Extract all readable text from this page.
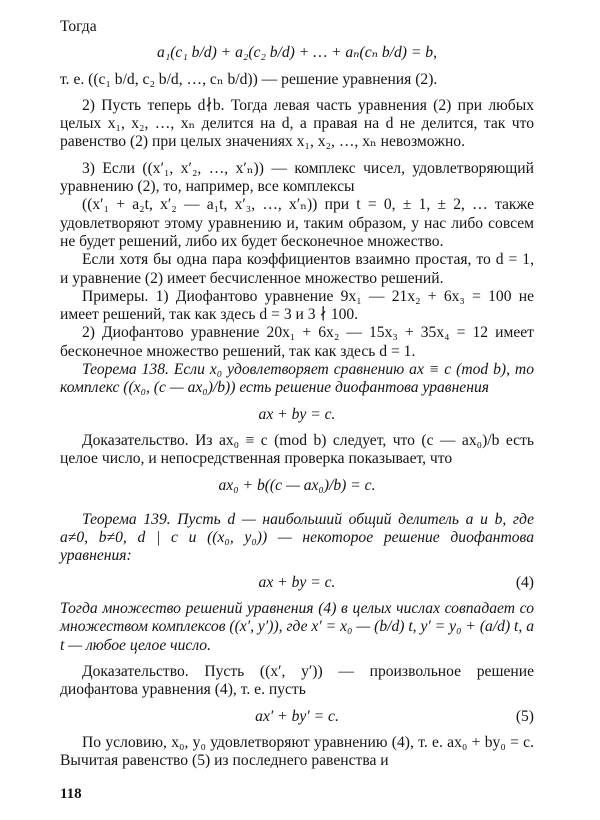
Тогда

a₁(c₁ b/d) + a₂(c₂ b/d) + … + aₙ(cₙ b/d) = b,

т. е. ((c₁ b/d, c₂ b/d, …, cₙ b/d)) — решение уравнения (2).

2) Пусть теперь d∤b. Тогда левая часть уравнения (2) при любых целых x₁, x₂, …, xₙ делится на d, а правая на d не делится, так что равенство (2) при целых значениях x₁, x₂, …, xₙ невозможно.

3) Если ((x′₁, x′₂, …, x′ₙ)) — комплекс чисел, удовлетворяющий уравнению (2), то, например, все комплексы

((x′₁ + a₂t, x′₂ — a₁t, x′₃, …, x′ₙ)) при t = 0, ± 1, ± 2, … также удовлетворяют этому уравнению и, таким образом, у нас либо совсем не будет решений, либо их будет бесконечное множество.

Если хотя бы одна пара коэффициентов взаимно простая, то d = 1, и уравнение (2) имеет бесчисленное множество решений.

Примеры. 1) Диофантово уравнение 9x₁ — 21x₂ + 6x₃ = 100 не имеет решений, так как здесь d = 3 и 3 ∤ 100.

2) Диофантово уравнение 20x₁ + 6x₂ — 15x₃ + 35x₄ = 12 имеет бесконечное множество решений, так как здесь d = 1.

Теорема 138. Если x₀ удовлетворяет сравнению ax ≡ c (mod b), то комплекс ((x₀, (c — ax₀)/b)) есть решение диофантова уравнения

ax + by = c.

Доказательство. Из ax₀ ≡ c (mod b) следует, что (c — ax₀)/b есть целое число, и непосредственная проверка показывает, что

ax₀ + b((c — ax₀)/b) = c.

Теорема 139. Пусть d — наибольший общий делитель a и b, где a≠0, b≠0, d | c и ((x₀, y₀)) — некоторое решение диофантова уравнения:

ax + by = c.	(4)

Тогда множество решений уравнения (4) в целых числах совпадает со множеством комплексов ((x′, y′)), где x′ = x₀ — (b/d) t, y′ = y₀ + (a/d) t, a t — любое целое число.

Доказательство. Пусть ((x′, y′)) — произвольное решение диофантова уравнения (4), т. е. пусть

ax′ + by′ = c.	(5)

По условию, x₀, y₀ удовлетворяют уравнению (4), т. е. ax₀ + by₀ = c. Вычитая равенство (5) из последнего равенства и

118
